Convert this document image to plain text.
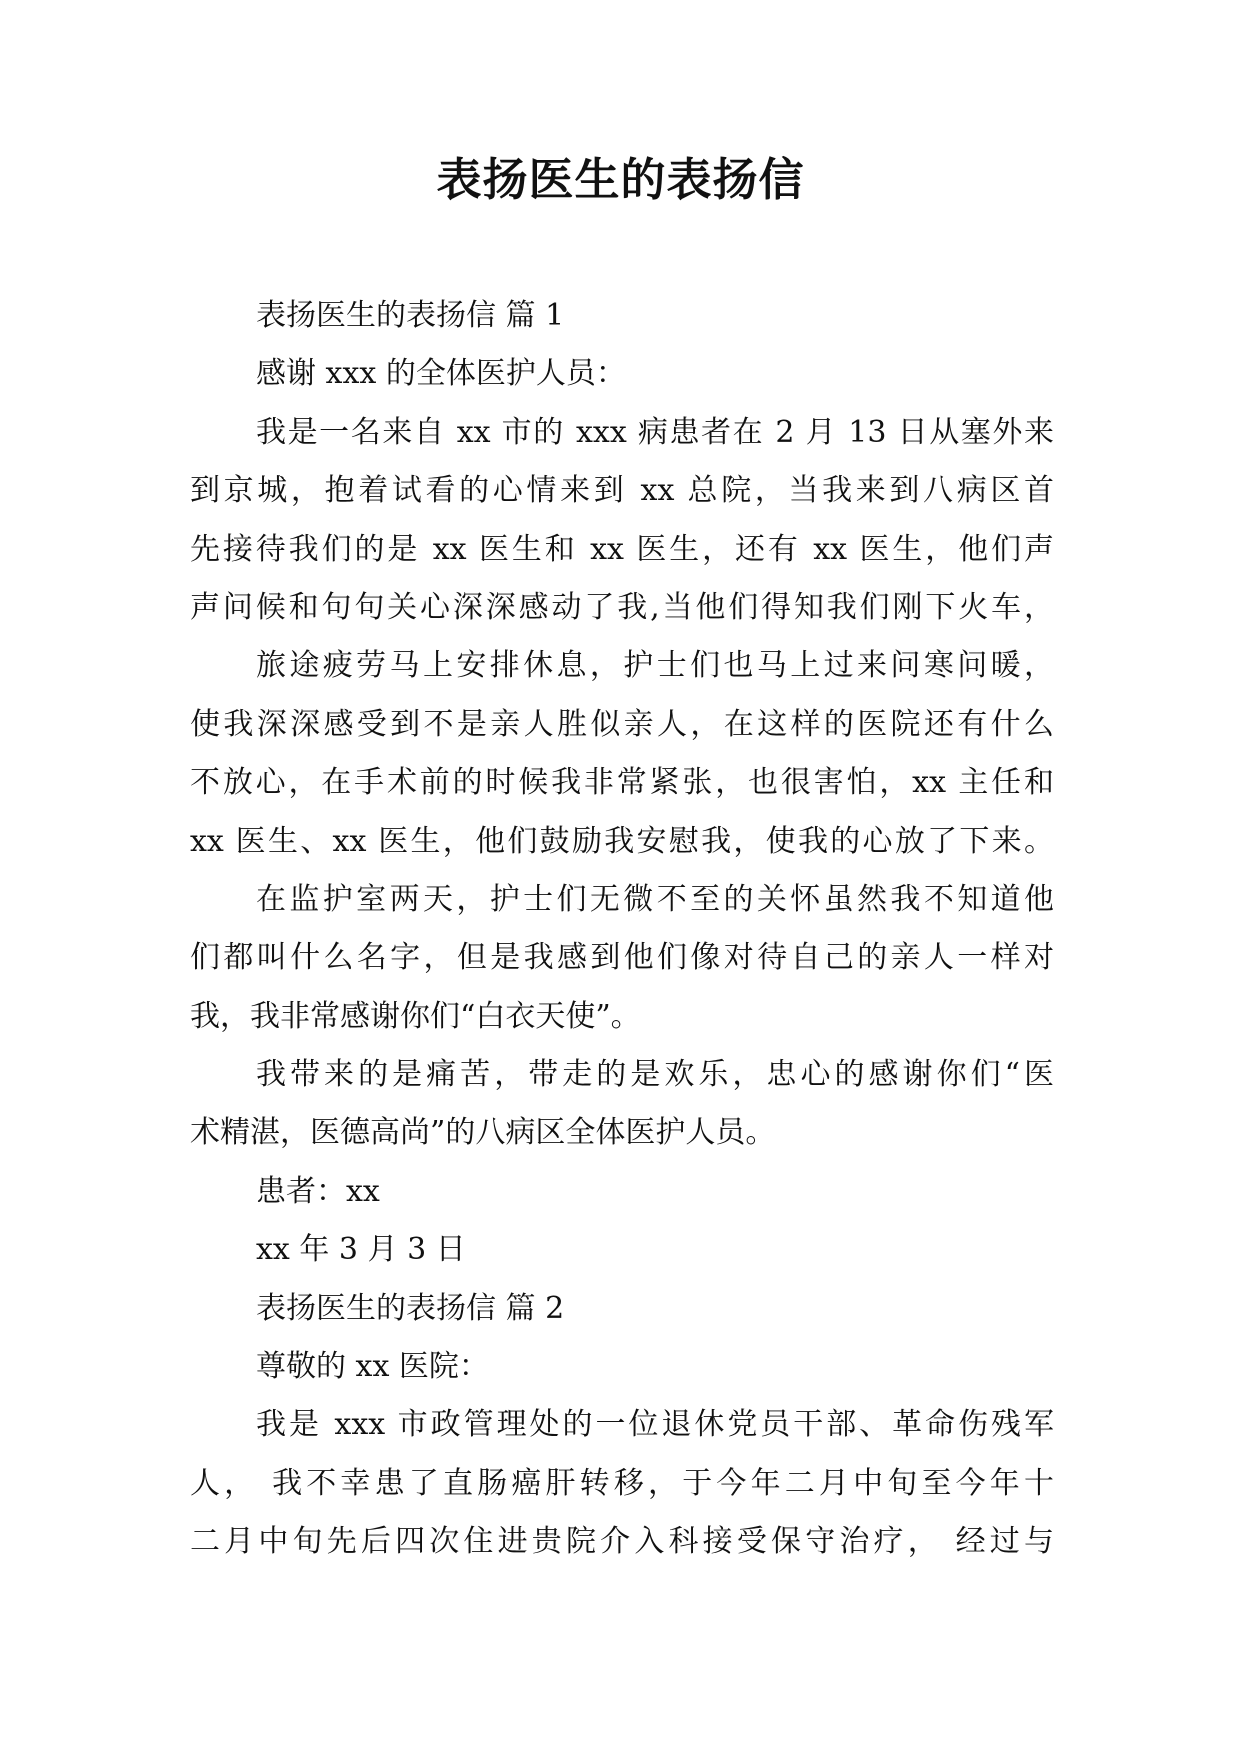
表扬医生的表扬信
表扬医生的表扬信 篇 1
感谢 xxx 的全体医护人员：
我是一名来自 xx 市的 xxx 病患者在 2 月 13 日从塞外来
到京城，抱着试看的心情来到 xx 总院，当我来到八病区首
先接待我们的是 xx 医生和 xx 医生，还有 xx 医生，他们声
声问候和句句关心深深感动了我,当他们得知我们刚下火车，
旅途疲劳马上安排休息，护士们也马上过来问寒问暖，
使我深深感受到不是亲人胜似亲人，在这样的医院还有什么
不放心，在手术前的时候我非常紧张，也很害怕，xx 主任和
xx 医生、xx 医生，他们鼓励我安慰我，使我的心放了下来。
在监护室两天，护士们无微不至的关怀虽然我不知道他
们都叫什么名字，但是我感到他们像对待自己的亲人一样对
我，我非常感谢你们“白衣天使”。
我带来的是痛苦，带走的是欢乐，忠心的感谢你们“医
术精湛，医德高尚”的八病区全体医护人员。
患者：xx
xx 年 3 月 3 日
表扬医生的表扬信 篇 2
尊敬的 xx 医院：
我是 xxx 市政管理处的一位退休党员干部、革命伤残军
人， 我不幸患了直肠癌肝转移，于今年二月中旬至今年十
二月中旬先后四次住进贵院介入科接受保守治疗， 经过与
